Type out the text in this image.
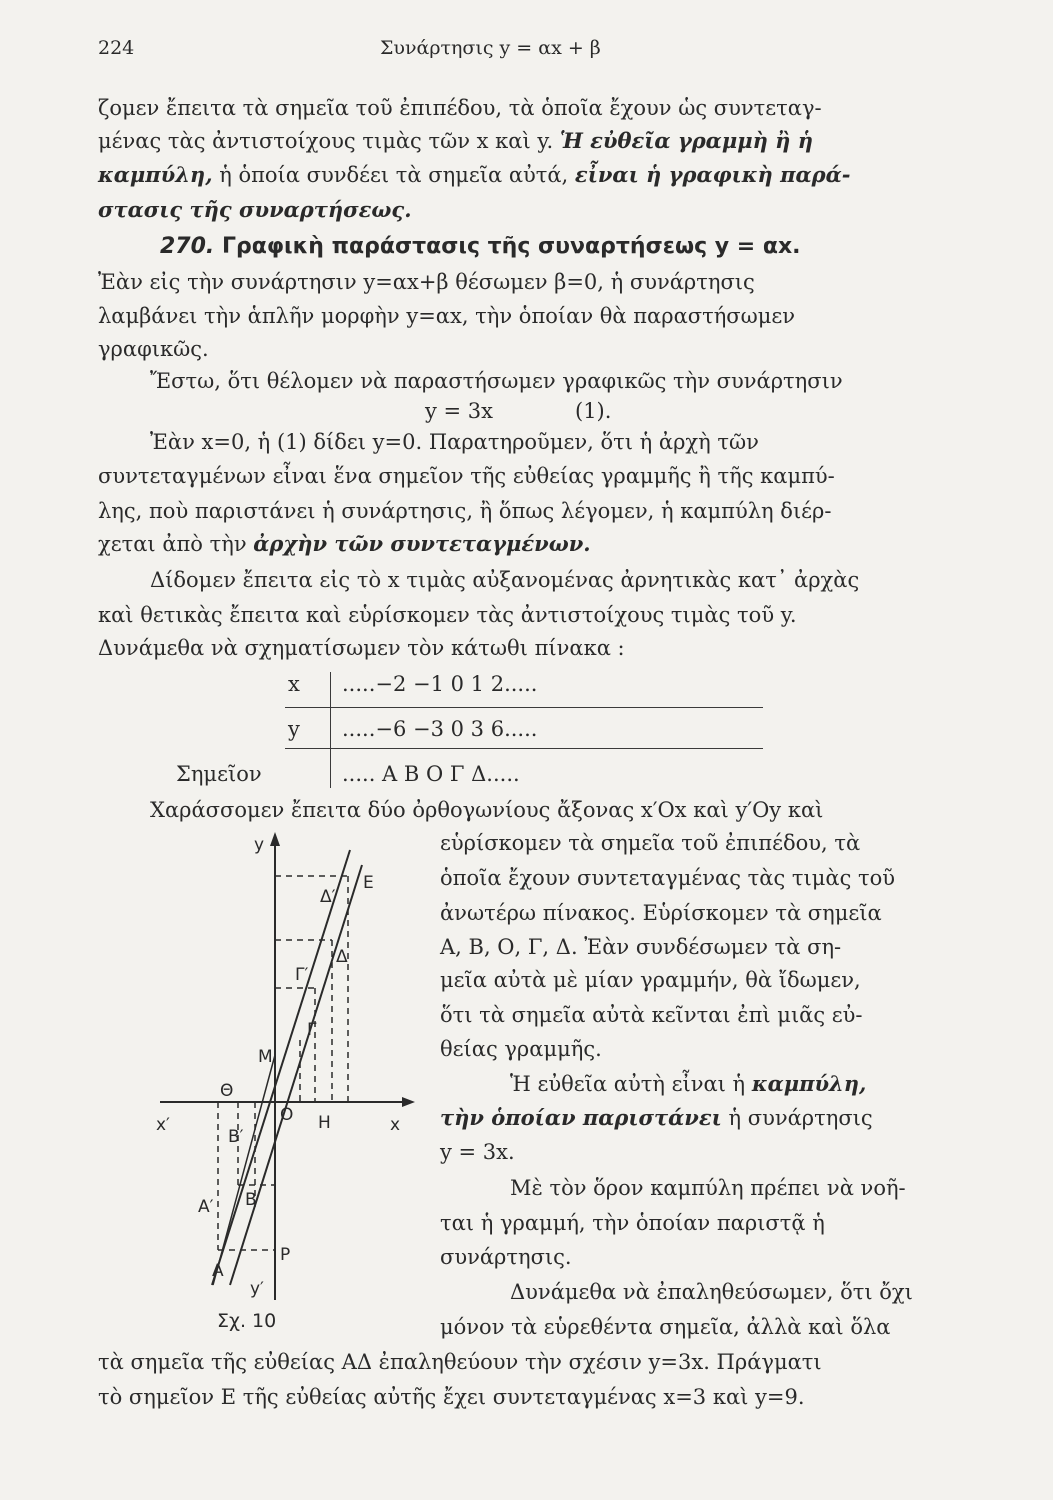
224	Συνάρτησις y = αx + β
ζομεν ἔπειτα τὰ σημεῖα τοῦ ἐπιπέδου, τὰ ὁποῖα ἔχουν ὡς συντεταγ-
μένας τὰς ἀντιστοίχους τιμὰς τῶν x καὶ y. Ἡ εὐθεῖα γραμμὴ ἢ ἡ
καμπύλη, ἡ ὁποία συνδέει τὰ σημεῖα αὐτά, εἶναι ἡ γραφικὴ παρά-
στασις τῆς συναρτήσεως.
270. Γραφικὴ παράστασις τῆς συναρτήσεως y = αx.
Ἐὰν εἰς τὴν συνάρτησιν y=αx+β θέσωμεν β=0, ἡ συνάρτησις
λαμβάνει τὴν ἁπλῆν μορφὴν y=αx, τὴν ὁποίαν θὰ παραστήσωμεν
γραφικῶς.
Ἔστω, ὅτι θέλομεν νὰ παραστήσωμεν γραφικῶς τὴν συνάρτησιν
y = 3x	(1).
Ἐὰν x=0, ἡ (1) δίδει y=0. Παρατηροῦμεν, ὅτι ἡ ἀρχὴ τῶν
συντεταγμένων εἶναι ἕνα σημεῖον τῆς εὐθείας γραμμῆς ἢ τῆς καμπύ-
λης, ποὺ παριστάνει ἡ συνάρτησις, ἢ ὅπως λέγομεν, ἡ καμπύλη διέρ-
χεται ἀπὸ τὴν ἀρχὴν τῶν συντεταγμένων.
Δίδομεν ἔπειτα εἰς τὸ x τιμὰς αὐξανομένας ἀρνητικὰς κατ᾽ ἀρχὰς
καὶ θετικὰς ἔπειτα καὶ εὑρίσκομεν τὰς ἀντιστοίχους τιμὰς τοῦ y.
Δυνάμεθα νὰ σχηματίσωμεν τὸν κάτωθι πίνακα :
x .....−2 −1 0 1 2.....
y .....−6 −3 0 3 6.....
Σημεῖον	..... Α Β Ο Γ Δ.....
Χαράσσομεν ἔπειτα δύο ὀρθογωνίους ἄξονας x′Ox καὶ y′Oy καὶ
εὑρίσκομεν τὰ σημεῖα τοῦ ἐπιπέδου, τὰ
ὁποῖα ἔχουν συντεταγμένας τὰς τιμὰς τοῦ
ἀνωτέρω πίνακος. Εὑρίσκομεν τὰ σημεῖα
Α, Β, Ο, Γ, Δ. Ἐὰν συνδέσωμεν τὰ ση-
μεῖα αὐτὰ μὲ μίαν γραμμήν, θὰ ἴδωμεν,
ὅτι τὰ σημεῖα αὐτὰ κεῖνται ἐπὶ μιᾶς εὐ-
θείας γραμμῆς.
Ἡ εὐθεῖα αὐτὴ εἶναι ἡ καμπύλη,
τὴν ὁποίαν παριστάνει ἡ συνάρτησις
y = 3x.
Μὲ τὸν ὅρον καμπύλη πρέπει νὰ νοῆ-
ται ἡ γραμμή, τὴν ὁποίαν παριστᾷ ἡ
συνάρτησις.
Δυνάμεθα νὰ ἐπαληθεύσωμεν, ὅτι ὄχι
μόνον τὰ εὑρεθέντα σημεῖα, ἀλλὰ καὶ ὅλα
τὰ σημεῖα τῆς εὐθείας ΑΔ ἐπαληθεύουν τὴν σχέσιν y=3x. Πράγματι
τὸ σημεῖον Ε τῆς εὐθείας αὐτῆς ἔχει συντεταγμένας x=3 καὶ y=9.
y
Ε
Δ′
Δ
Γ′
Γ
M
Θ
O H	x
x′
B′
B
A′
P
A
y′
Σχ. 10
